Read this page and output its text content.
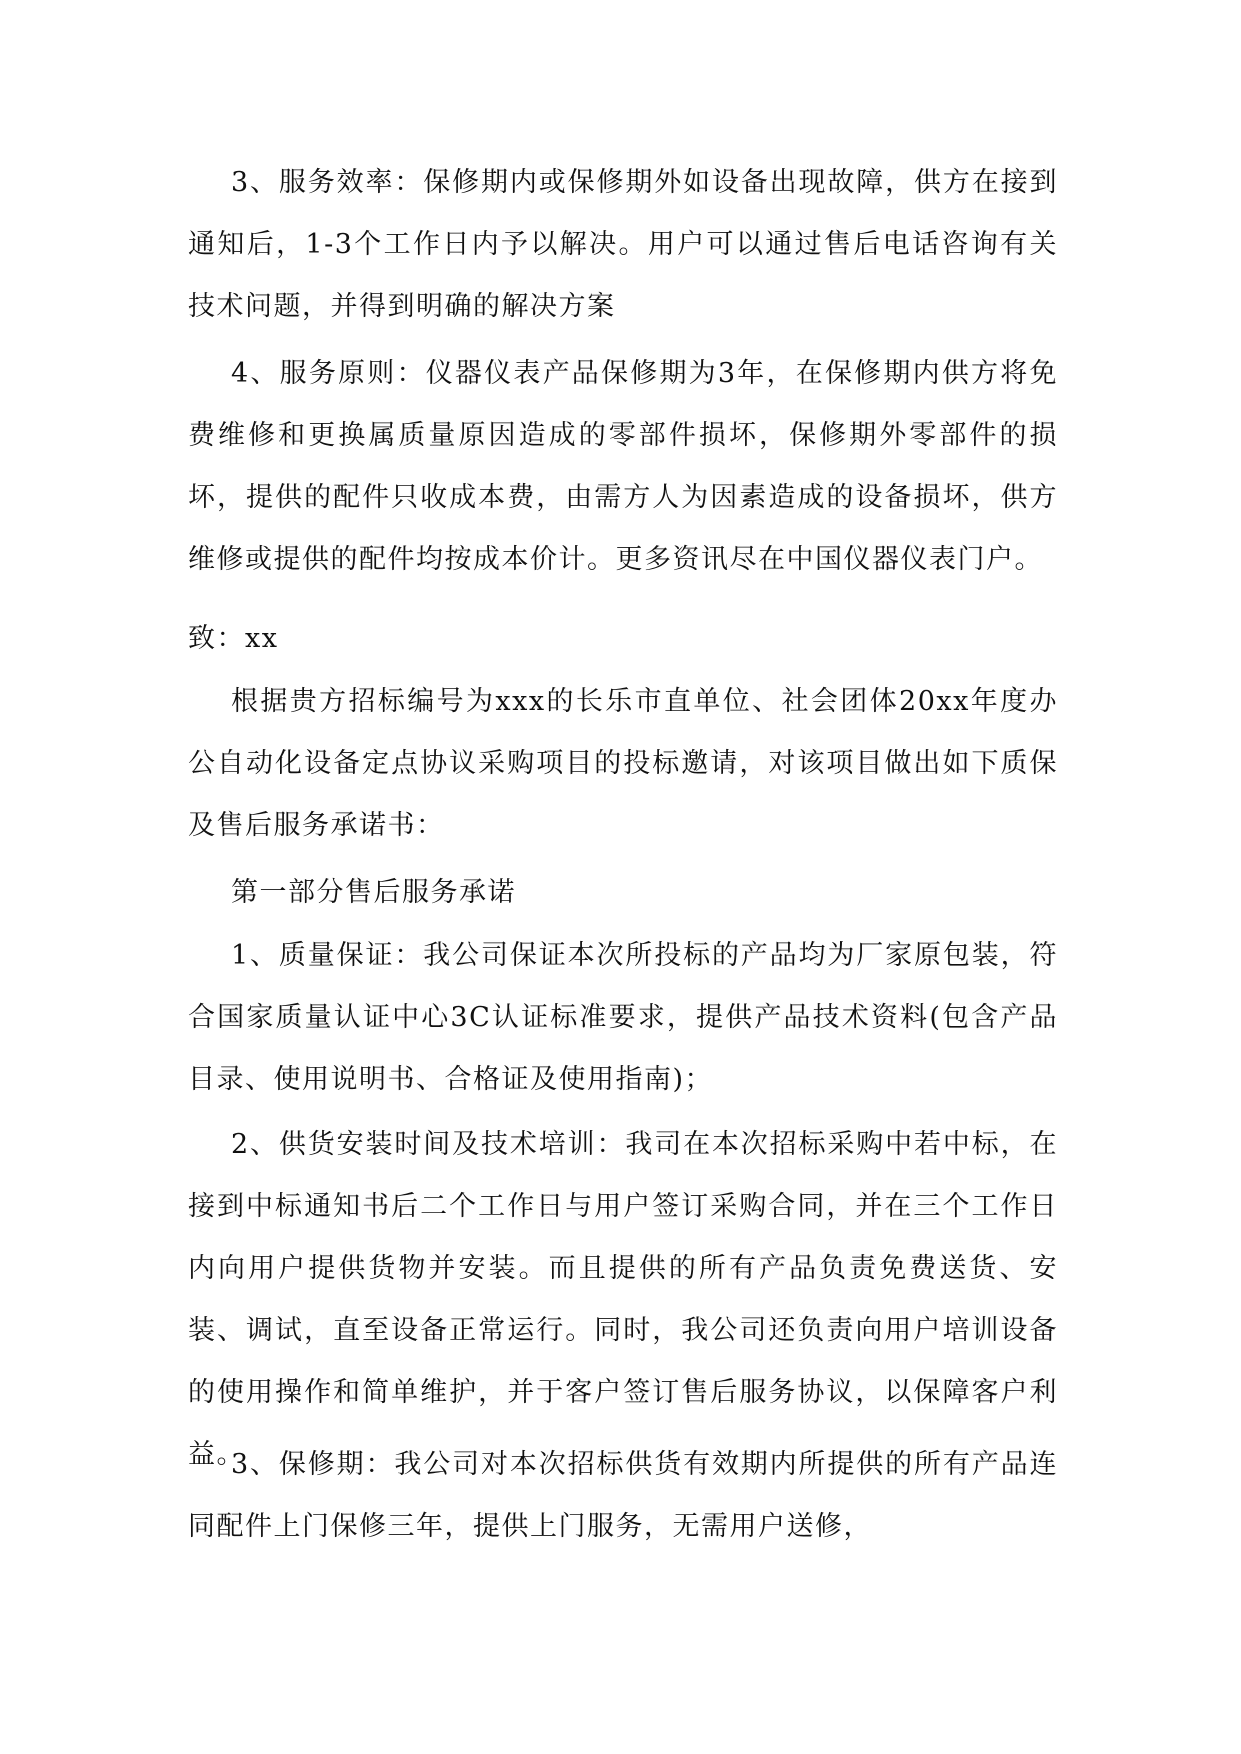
3、服务效率：保修期内或保修期外如设备出现故障，供方在接到通知后，1-3个工作日内予以解决。用户可以通过售后电话咨询有关技术问题，并得到明确的解决方案

4、服务原则：仪器仪表产品保修期为3年，在保修期内供方将免费维修和更换属质量原因造成的零部件损坏，保修期外零部件的损坏，提供的配件只收成本费，由需方人为因素造成的设备损坏，供方维修或提供的配件均按成本价计。更多资讯尽在中国仪器仪表门户。

致：xx

根据贵方招标编号为xxx的长乐市直单位、社会团体20xx年度办公自动化设备定点协议采购项目的投标邀请，对该项目做出如下质保及售后服务承诺书：

第一部分售后服务承诺

1、质量保证：我公司保证本次所投标的产品均为厂家原包装，符合国家质量认证中心3C认证标准要求，提供产品技术资料(包含产品目录、使用说明书、合格证及使用指南)；

2、供货安装时间及技术培训：我司在本次招标采购中若中标，在接到中标通知书后二个工作日与用户签订采购合同，并在三个工作日内向用户提供货物并安装。而且提供的所有产品负责免费送货、安装、调试，直至设备正常运行。同时，我公司还负责向用户培训设备的使用操作和简单维护，并于客户签订售后服务协议，以保障客户利益。

3、保修期：我公司对本次招标供货有效期内所提供的所有产品连同配件上门保修三年，提供上门服务，无需用户送修，
